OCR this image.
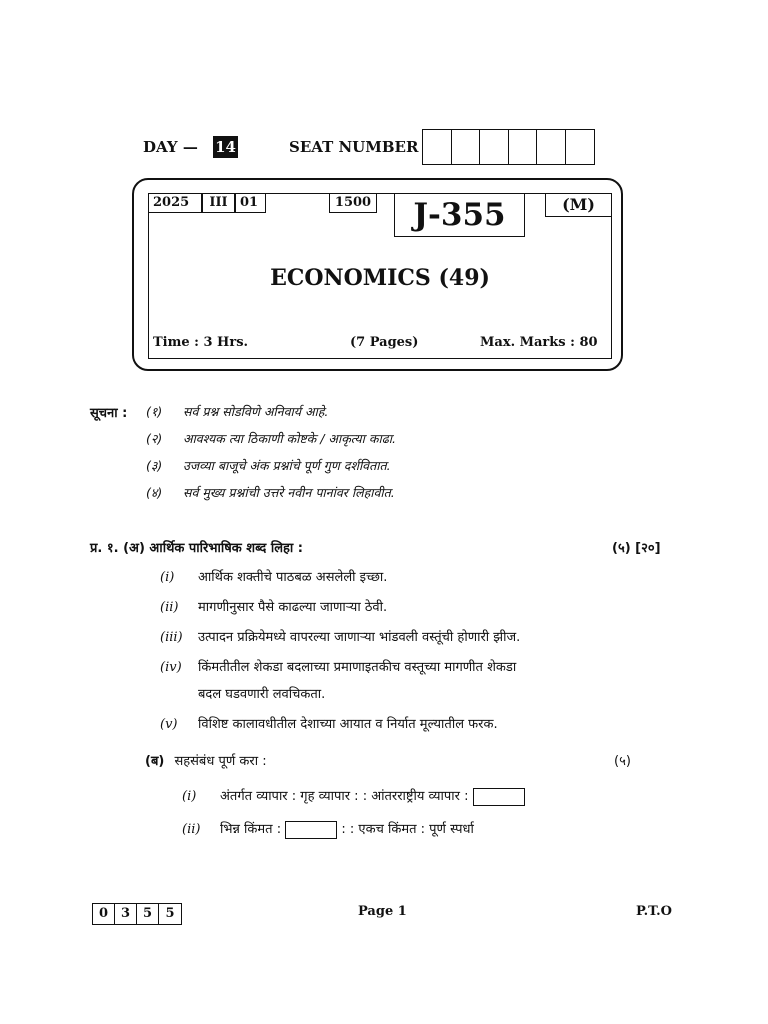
DAY — 14	SEAT NUMBER
2025	III 01	1500	J-355	(M)
ECONOMICS (49)
Time : 3 Hrs.	(7 Pages)	Max. Marks : 80
सूचना : (१) सर्व प्रश्न सोडविणे अनिवार्य आहे.
(२) आवश्यक त्या ठिकाणी कोष्टके / आकृत्या काढा.
(३) उजव्या बाजूचे अंक प्रश्नांचे पूर्ण गुण दर्शवितात.
(४) सर्व मुख्य प्रश्नांची उत्तरे नवीन पानांवर लिहावीत.
प्र. १. (अ) आर्थिक पारिभाषिक शब्द लिहा :	(५) [२०]
(i) आर्थिक शक्तीचे पाठबळ असलेली इच्छा.
(ii) मागणीनुसार पैसे काढल्या जाणाऱ्या ठेवी.
(iii) उत्पादन प्रक्रियेमध्ये वापरल्या जाणाऱ्या भांडवली वस्तूंची होणारी झीज.
(iv) किंमतीतील शेकडा बदलाच्या प्रमाणाइतकीच वस्तूच्या मागणीत शेकडा
बदल घडवणारी लवचिकता.
(v) विशिष्ट कालावधीतील देशाच्या आयात व निर्यात मूल्यातील फरक.
(ब) सहसंबंध पूर्ण करा :	(५)
(i) अंतर्गत व्यापार : गृह व्यापार : : आंतरराष्ट्रीय व्यापार :
(ii) भिन्न किंमत :	: : एकच किंमत : पूर्ण स्पर्धा
0 3 5	5	Page 1	P.T.O
